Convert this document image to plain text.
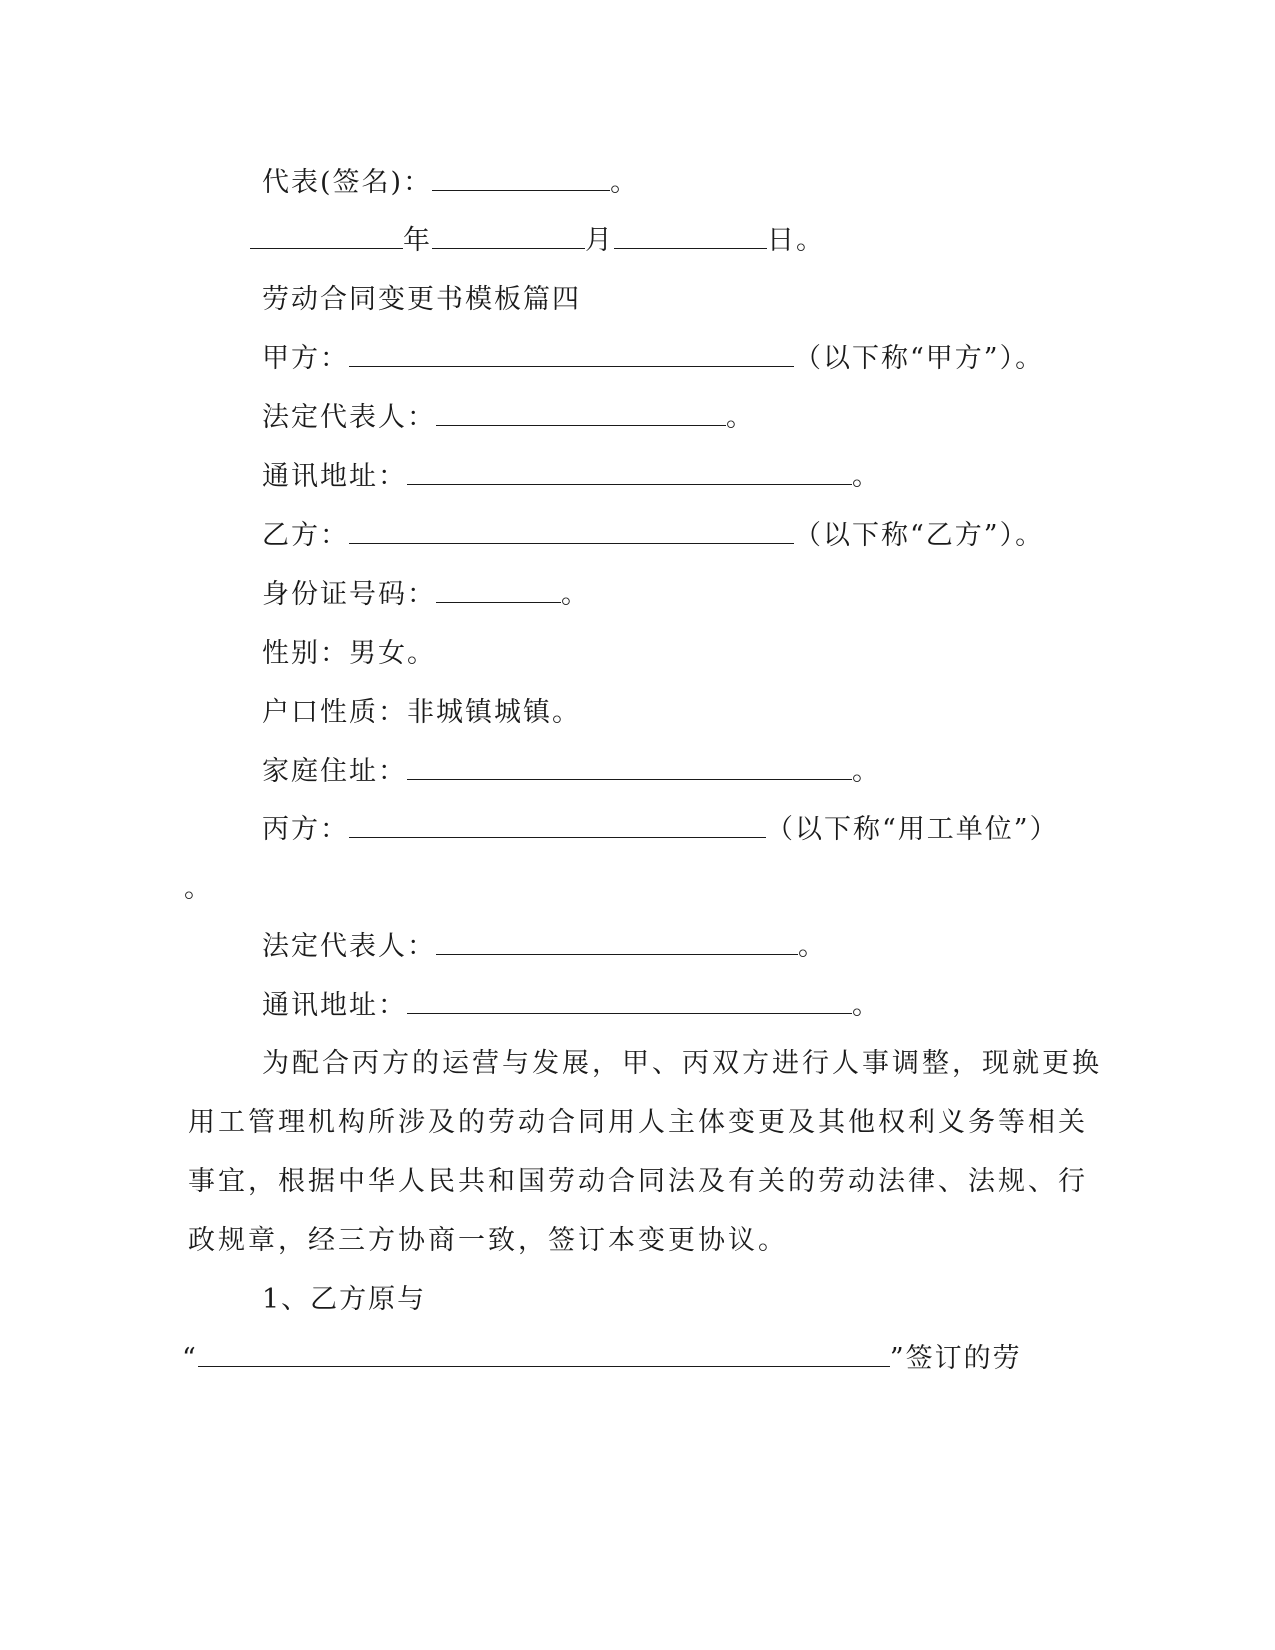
代表(签名)：	。
年	月	日。
劳动合同变更书模板篇四
甲方：	（以下称“甲方”）。
法定代表人：	。
通讯地址：	。
乙方：	（以下称“乙方”）。
身份证号码：	。
性别：男女。
户口性质：非城镇城镇。
家庭住址：	。
丙方：	（以下称“用工单位”）
。
法定代表人：	。
通讯地址：	。
为配合丙方的运营与发展，甲、丙双方进行人事调整，现就更换
用工管理机构所涉及的劳动合同用人主体变更及其他权利义务等相关
事宜，根据中华人民共和国劳动合同法及有关的劳动法律、法规、行
政规章，经三方协商一致，签订本变更协议。
1、乙方原与
“	”签订的劳
